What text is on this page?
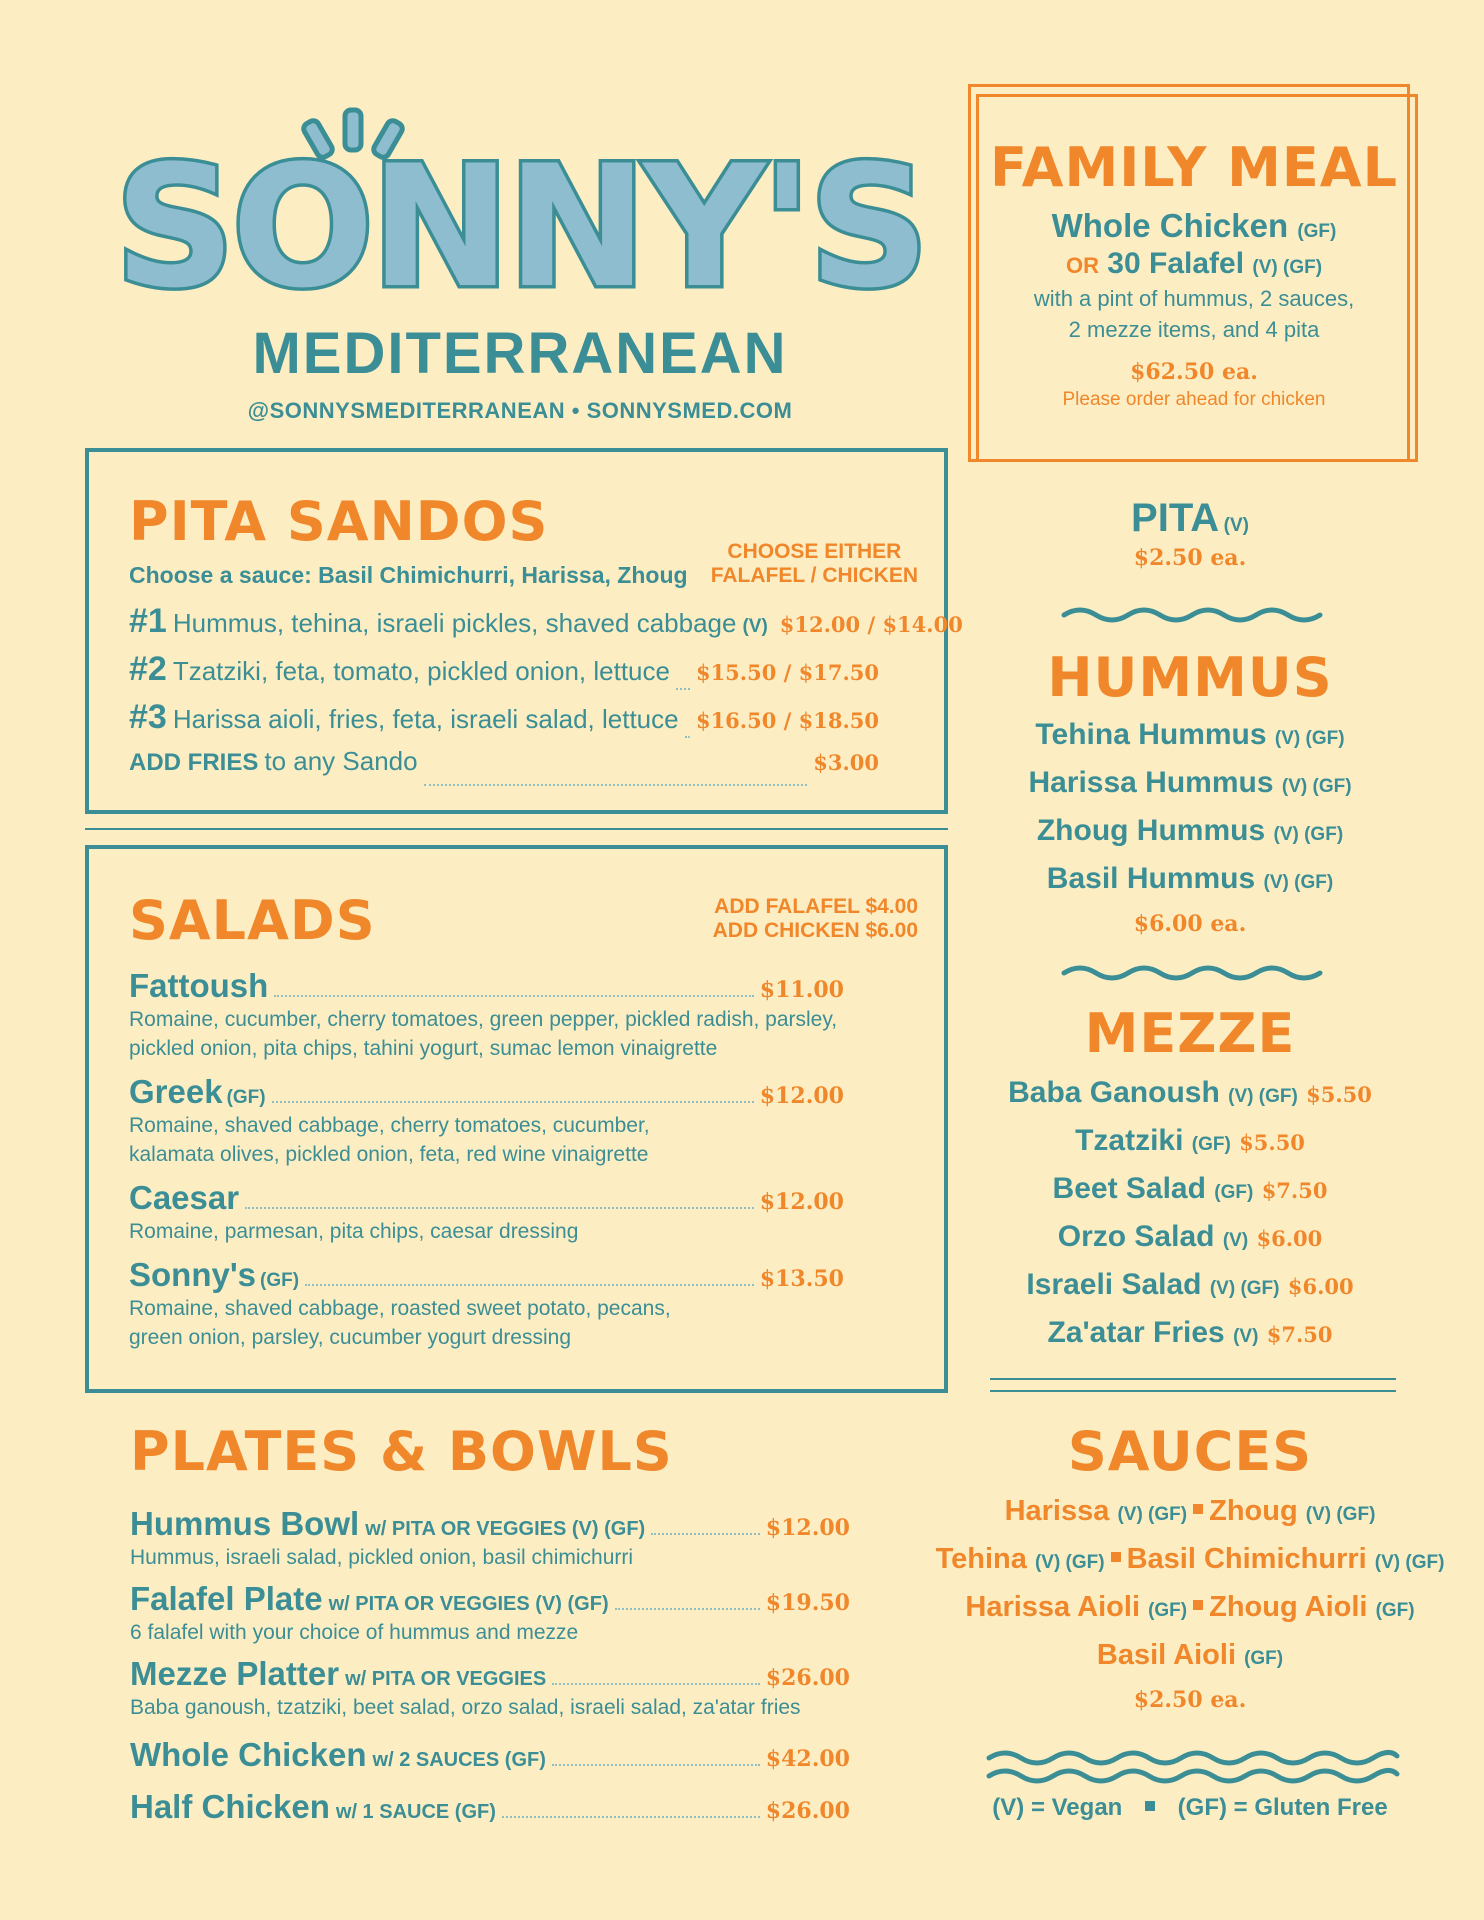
SONNY'S
MEDITERRANEAN
@SONNYSMEDITERRANEAN • SONNYSMED.COM
FAMILY MEAL
Whole Chicken (GF)
OR 30 Falafel (V) (GF)
with a pint of hummus, 2 sauces,
2 mezze items, and 4 pita
$62.50 ea.
Please order ahead for chicken
PITA SANDOS
Choose a sauce: Basil Chimichurri, Harissa, Zhoug
CHOOSE EITHER
FALAFEL / CHICKEN
#1 Hummus, tehina, israeli pickles, shaved cabbage (V) $12.00 / $14.00
#2 Tzatziki, feta, tomato, pickled onion, lettuce $15.50 / $17.50
#3 Harissa aioli, fries, feta, israeli salad, lettuce $16.50 / $18.50
ADD FRIES to any Sando	$3.00
SALADS	ADD FALAFEL $4.00
ADD CHICKEN $6.00
Fattoush	$11.00
Romaine, cucumber, cherry tomatoes, green pepper, pickled radish, parsley,
pickled onion, pita chips, tahini yogurt, sumac lemon vinaigrette
Greek (GF)	$12.00
Romaine, shaved cabbage, cherry tomatoes, cucumber,
kalamata olives, pickled onion, feta, red wine vinaigrette
Caesar	$12.00
Romaine, parmesan, pita chips, caesar dressing
Sonny's (GF)	$13.50
Romaine, shaved cabbage, roasted sweet potato, pecans,
green onion, parsley, cucumber yogurt dressing
PLATES & BOWLS
Hummus Bowl w/ PITA OR VEGGIES (V) (GF)	$12.00
Hummus, israeli salad, pickled onion, basil chimichurri
Falafel Plate w/ PITA OR VEGGIES (V) (GF)	$19.50
6 falafel with your choice of hummus and mezze
Mezze Platter w/ PITA OR VEGGIES	$26.00
Baba ganoush, tzatziki, beet salad, orzo salad, israeli salad, za'atar fries
Whole Chicken w/ 2 SAUCES (GF)	$42.00
Half Chicken w/ 1 SAUCE (GF)	$26.00
PITA (V)
$2.50 ea.
HUMMUS
Tehina Hummus (V) (GF)
Harissa Hummus (V) (GF)
Zhoug Hummus (V) (GF)
Basil Hummus (V) (GF)
$6.00 ea.
MEZZE
Baba Ganoush (V) (GF) $5.50
Tzatziki (GF) $5.50
Beet Salad (GF) $7.50
Orzo Salad (V) $6.00
Israeli Salad (V) (GF) $6.00
Za'atar Fries (V) $7.50
SAUCES
Harissa (V) (GF) Zhoug (V) (GF)
Tehina (V) (GF) Basil Chimichurri (V) (GF)
Harissa Aioli (GF) Zhoug Aioli (GF)
Basil Aioli (GF)
$2.50 ea.
(V) = Vegan (GF) = Gluten Free
